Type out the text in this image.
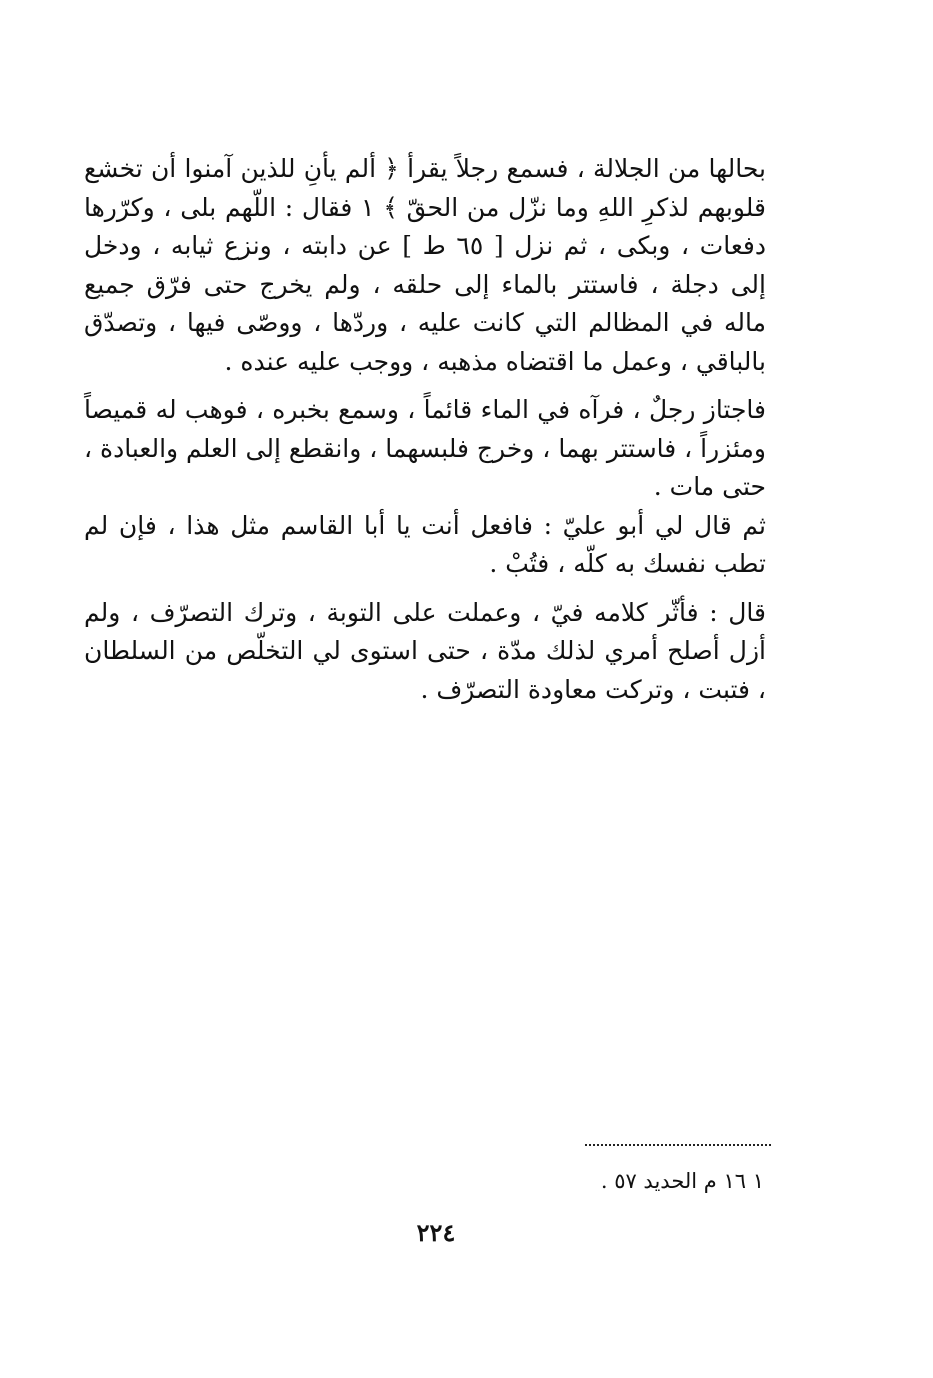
بحالها من الجلالة ، فسمع رجلاً يقرأ ﴿ ألم يأنِ للذين آمنوا أن تخشع قلوبهم لذكرِ اللهِ وما نزّل من الحقّ ﴾ ١ فقال : اللّهم بلى ، وكرّرها دفعات ، وبكى ، ثم نزل [ ٦٥ ط ] عن دابته ، ونزع ثيابه ، ودخل إلى دجلة ، فاستتر بالماء إلى حلقه ، ولم يخرج حتى فرّق جميع ماله في المظالم التي كانت عليه ، وردّها ، ووصّى فيها ، وتصدّق بالباقي ، وعمل ما اقتضاه مذهبه ، ووجب عليه عنده .

فاجتاز رجلٌ ، فرآه في الماء قائماً ، وسمع بخبره ، فوهب له قميصاً ومئزراً ، فاستتر بهما ، وخرج فلبسهما ، وانقطع إلى العلم والعبادة ، حتى مات .

ثم قال لي أبو عليّ : فافعل أنت يا أبا القاسم مثل هذا ، فإن لم تطب نفسك به كلّه ، فتُبْ .

قال : فأثّر كلامه فيّ ، وعملت على التوبة ، وترك التصرّف ، ولم أزل أصلح أمري لذلك مدّة ، حتى استوى لي التخلّص من السلطان ، فتبت ، وتركت معاودة التصرّف .

١ ١٦ م الحديد ٥٧ .
٢٢٤
